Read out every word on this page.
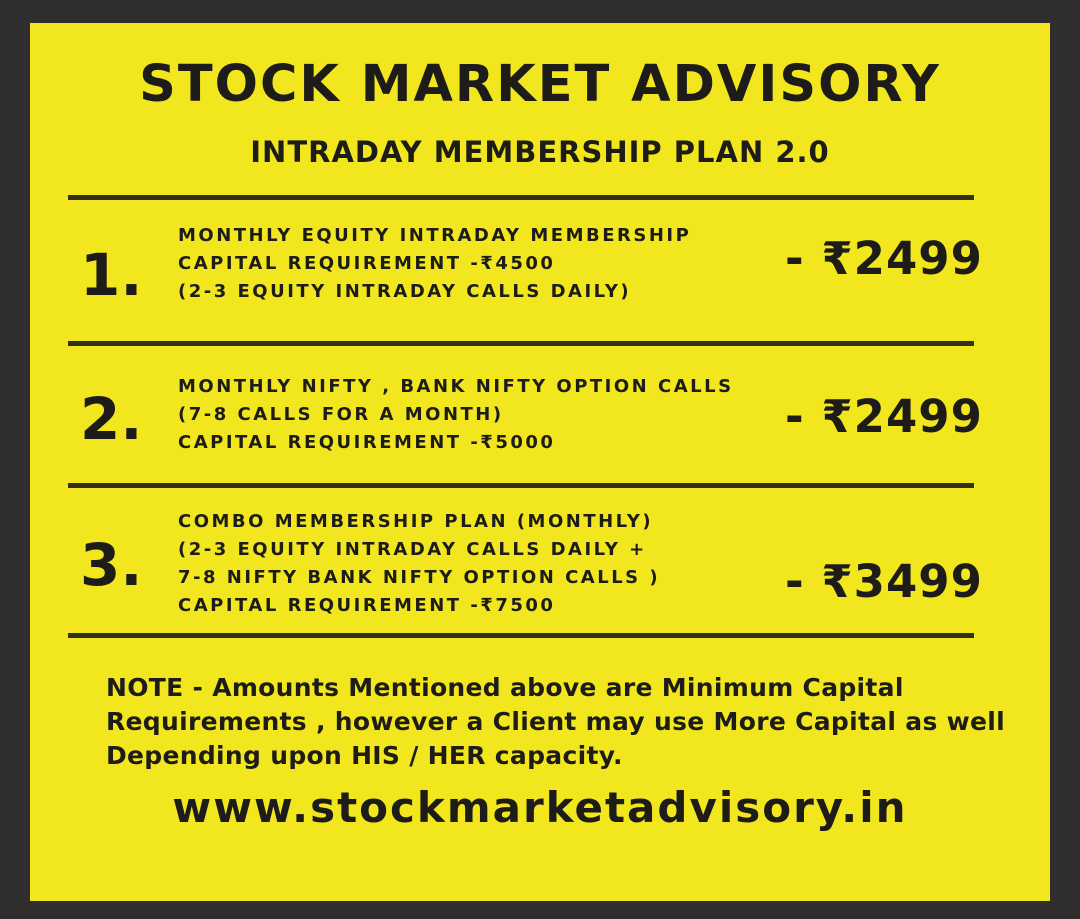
STOCK MARKET ADVISORY
INTRADAY MEMBERSHIP PLAN 2.0
1.
MONTHLY EQUITY INTRADAY MEMBERSHIP
CAPITAL REQUIREMENT -₹4500
(2-3 EQUITY INTRADAY CALLS DAILY)
- ₹2499
2. MONTHLY NIFTY , BANK NIFTY OPTION CALLS
(7-8 CALLS FOR A MONTH)
CAPITAL REQUIREMENT -₹5000	- ₹2499
3.
COMBO MEMBERSHIP PLAN (MONTHLY)
(2-3 EQUITY INTRADAY CALLS DAILY +
7-8 NIFTY BANK NIFTY OPTION CALLS )
CAPITAL REQUIREMENT -₹7500	- ₹3499
NOTE - Amounts Mentioned above are Minimum Capital
Requirements , however a Client may use More Capital as well
Depending upon HIS / HER capacity.
www.stockmarketadvisory.in
